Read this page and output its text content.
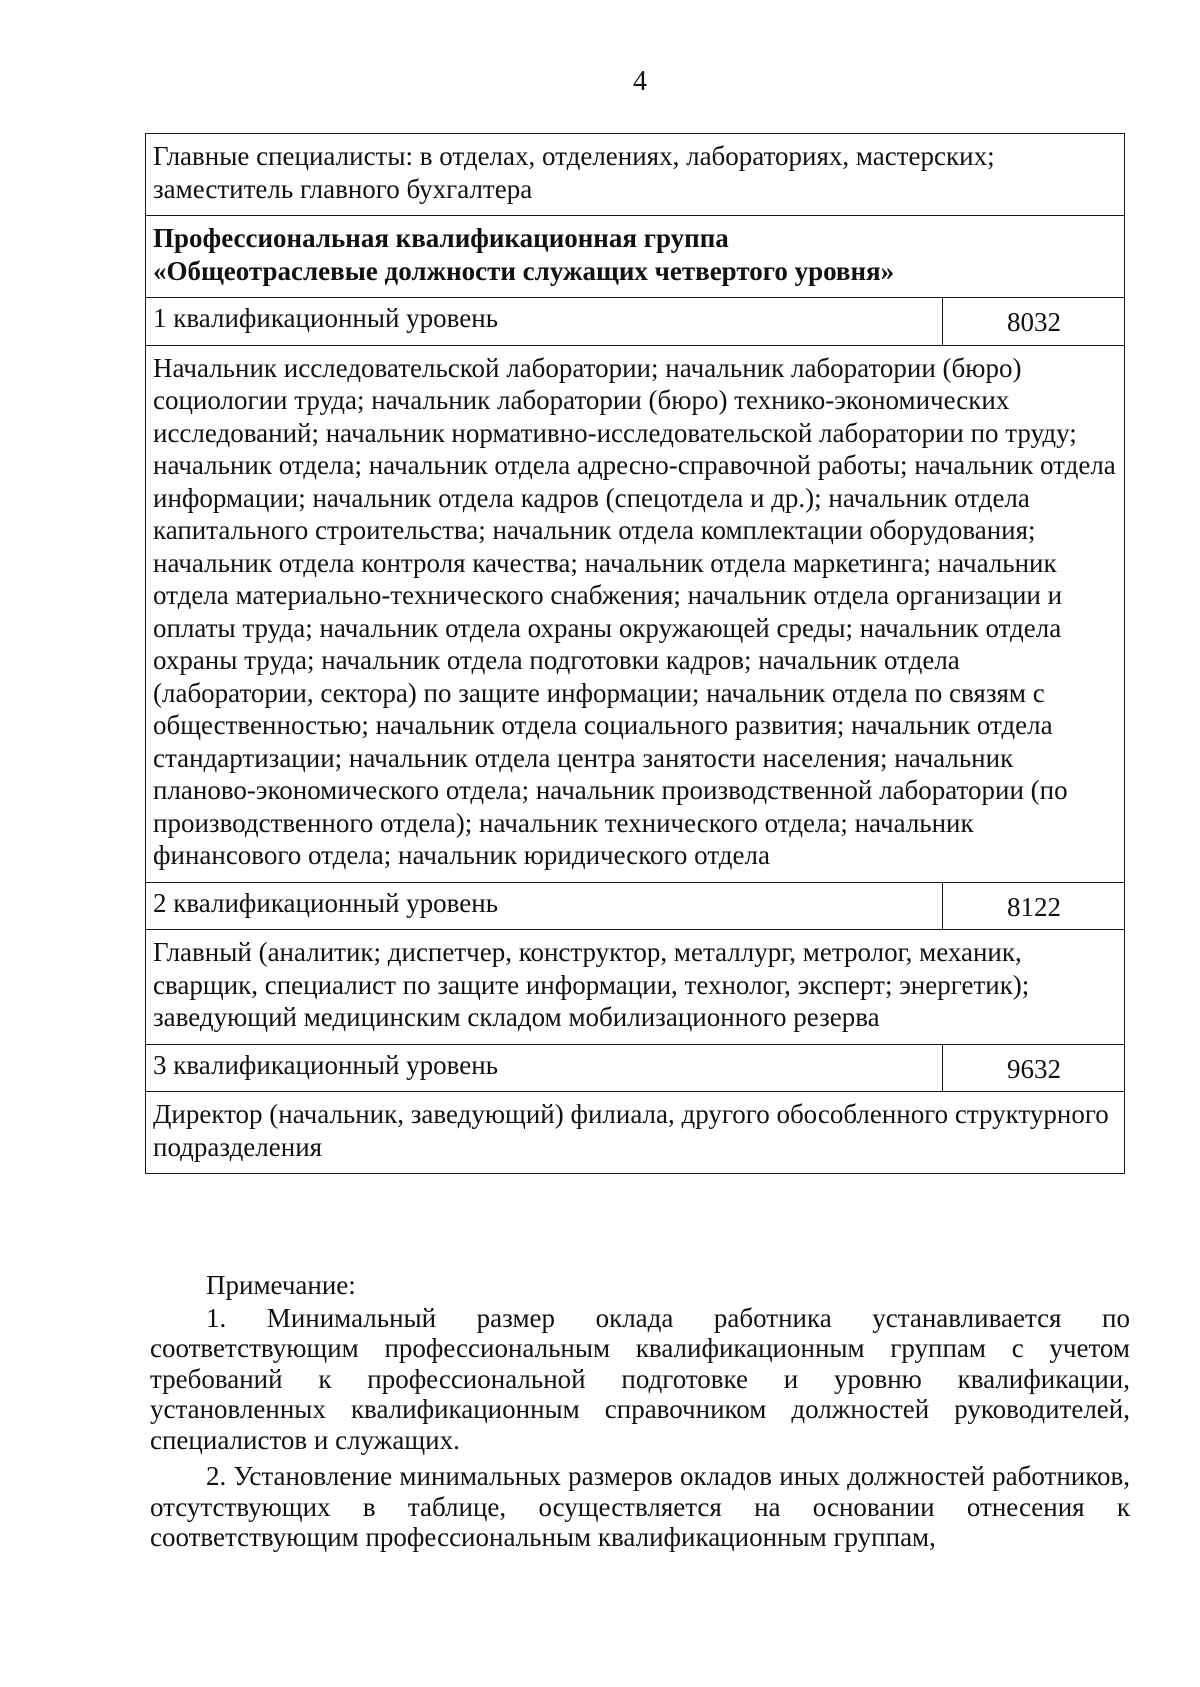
4
Главные специалисты: в отделах, отделениях, лабораториях, мастерских; заместитель главного бухгалтера	
Профессиональная квалификационная группа
«Общеотраслевые должности служащих четвертого уровня»	
1 квалификационный уровень	8032
Начальник исследовательской лаборатории; начальник лаборатории (бюро) социологии труда; начальник лаборатории (бюро) технико-экономических исследований; начальник нормативно-исследовательской лаборатории по труду; начальник отдела; начальник отдела адресно-справочной работы; начальник отдела информации; начальник отдела кадров (спецотдела и др.); начальник отдела капитального строительства; начальник отдела комплектации оборудования; начальник отдела контроля качества; начальник отдела маркетинга; начальник отдела материально-технического снабжения; начальник отдела организации и оплаты труда; начальник отдела охраны окружающей среды; начальник отдела охраны труда; начальник отдела подготовки кадров; начальник отдела (лаборатории, сектора) по защите информации; начальник отдела по связям с общественностью; начальник отдела социального развития; начальник отдела стандартизации; начальник отдела центра занятости населения; начальник планово-экономического отдела; начальник производственной лаборатории (по производственного отдела); начальник технического отдела; начальник финансового отдела; начальник юридического отдела	
2 квалификационный уровень	8122
Главный (аналитик; диспетчер, конструктор, металлург, метролог, механик, сварщик, специалист по защите информации, технолог, эксперт; энергетик); заведующий медицинским складом мобилизационного резерва	
3 квалификационный уровень	9632
Директор (начальник, заведующий) филиала, другого обособленного структурного подразделения	

Примечание:

1. Минимальный размер оклада работника устанавливается по соответствующим профессиональным квалификационным группам с учетом требований к профессиональной подготовке и уровню квалификации, установленных квалификационным справочником должностей руководителей, специалистов и служащих.

2. Установление минимальных размеров окладов иных должностей работников, отсутствующих в таблице, осуществляется на основании отнесения к соответствующим профессиональным квалификационным группам,
